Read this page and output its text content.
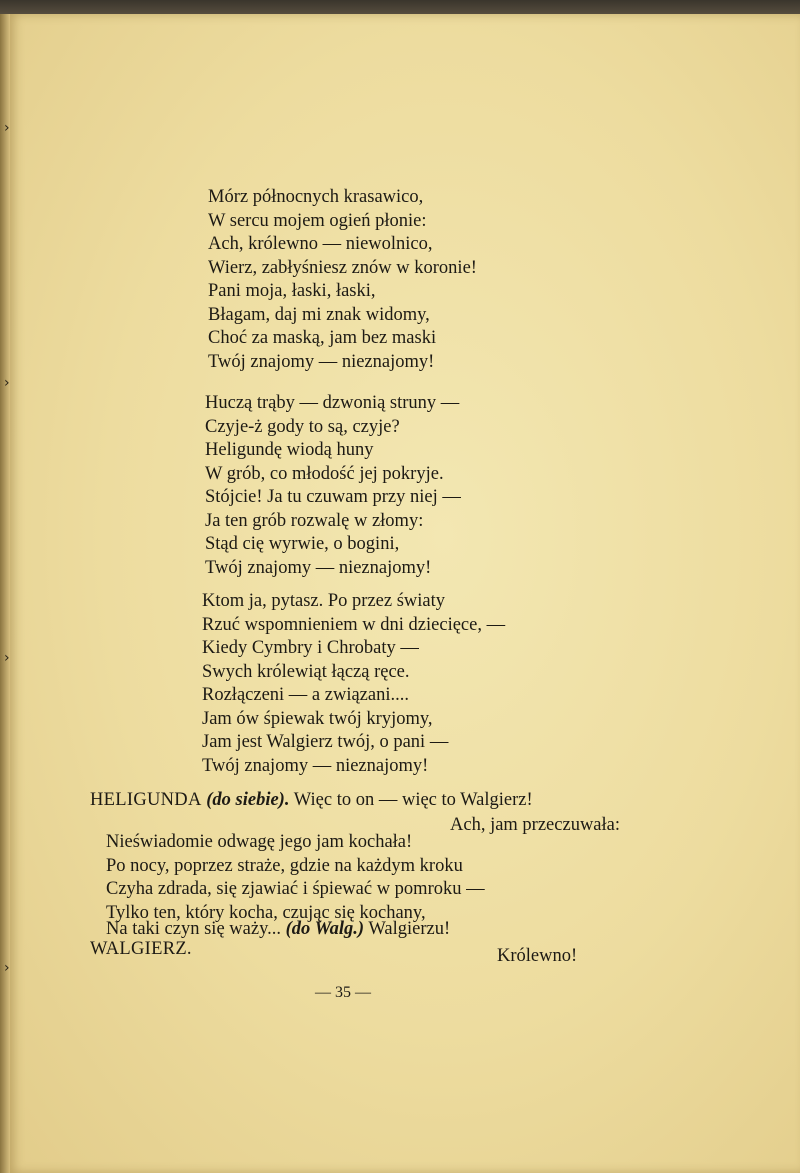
›
›
›
›
Mórz północnych krasawico,
W sercu mojem ogień płonie:
Ach, królewno — niewolnico,
Wierz, zabłyśniesz znów w koronie!
Pani moja, łaski, łaski,
Błagam, daj mi znak widomy,
Choć za maską, jam bez maski
Twój znajomy — nieznajomy!
Huczą trąby — dzwonią struny —
Czyje-ż gody to są, czyje?
Heligundę wiodą huny
W grób, co młodość jej pokryje.
Stójcie! Ja tu czuwam przy niej —
Ja ten grób rozwalę w złomy:
Stąd cię wyrwie, o bogini,
Twój znajomy — nieznajomy!
Ktom ja, pytasz. Po przez światy
Rzuć wspomnieniem w dni dziecięce, —
Kiedy Cymbry i Chrobaty —
Swych królewiąt łączą ręce.
Rozłączeni — a związani....
Jam ów śpiewak twój kryjomy,
Jam jest Walgierz twój, o pani —
Twój znajomy — nieznajomy!
HELIGUNDA (do siebie). Więc to on — więc to Walgierz!
Ach, jam przeczuwała:
Nieświadomie odwagę jego jam kochała!
Po nocy, poprzez straże, gdzie na każdym kroku
Czyha zdrada, się zjawiać i śpiewać w pomroku —
Tylko ten, który kocha, czując się kochany,
Na taki czyn się waży... (do Walg.) Walgierzu!
WALGIERZ.	Królewno!
— 35 —
